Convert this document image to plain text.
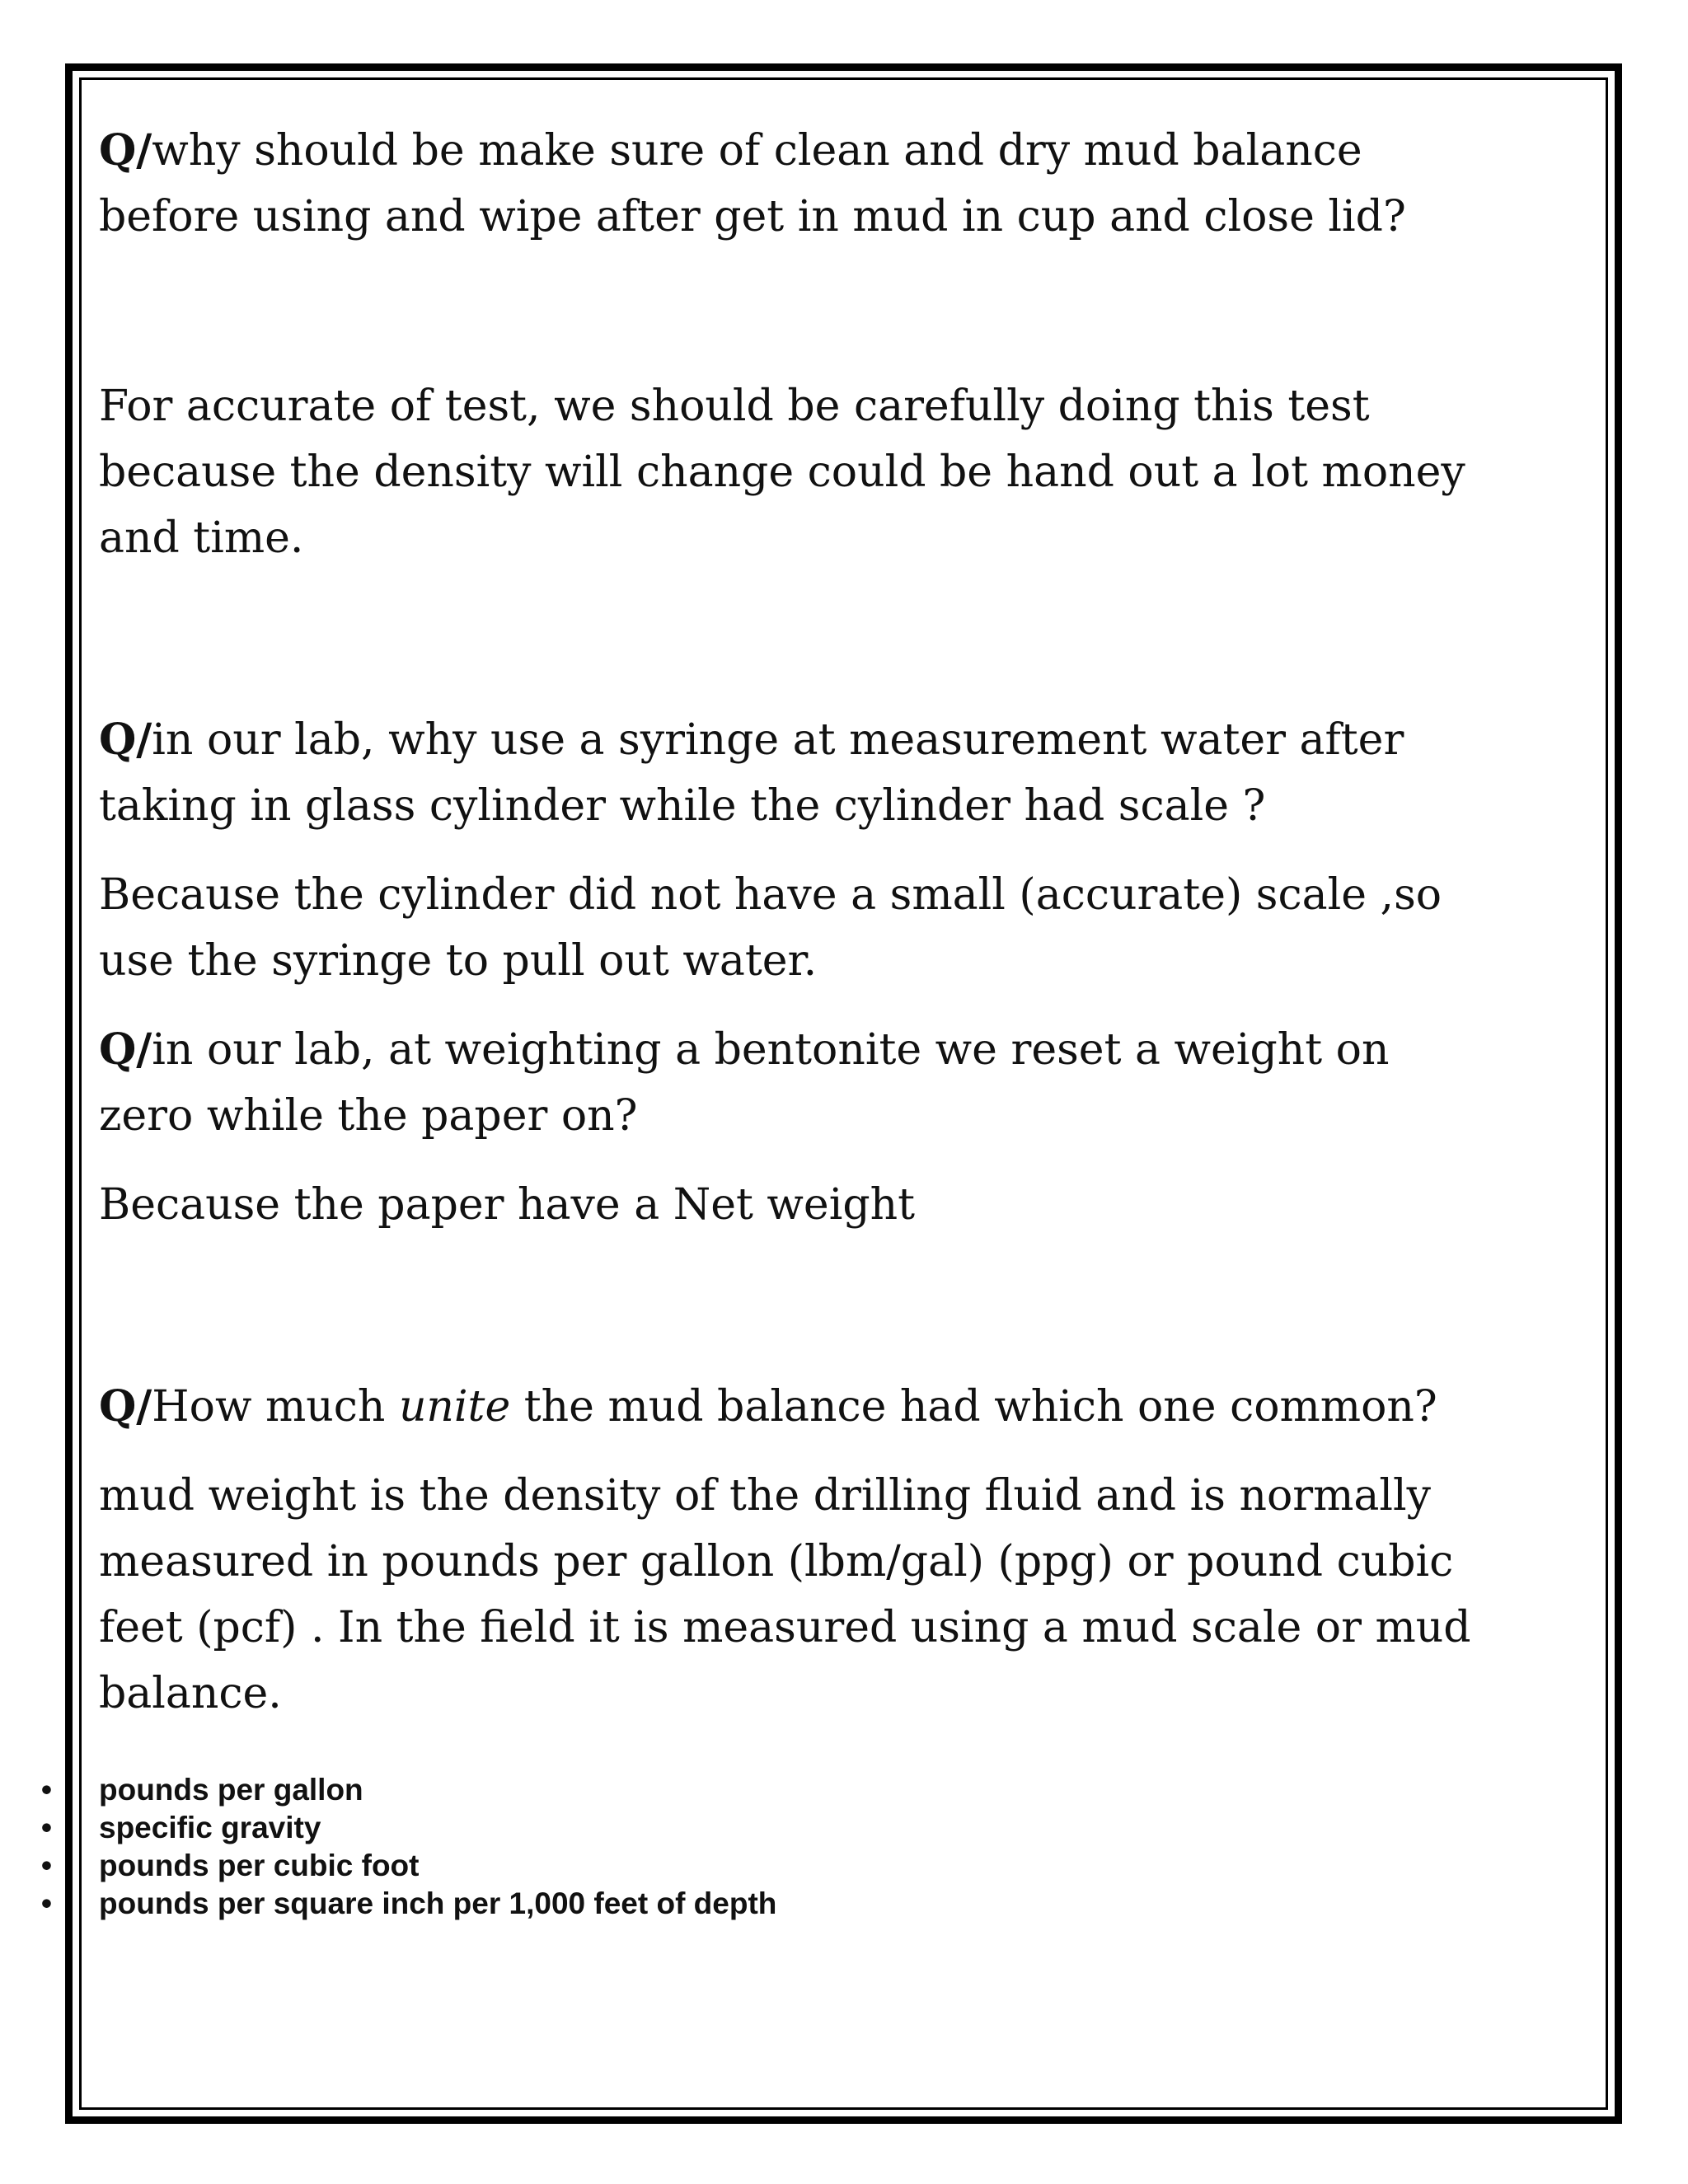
Q/why should be make sure of clean and dry mud balance
before using and wipe after get in mud in cup and close lid?

For accurate of test, we should be carefully doing this test
because the density will change could be hand out a lot money
and time.

Q/in our lab, why use a syringe at measurement water after
taking in glass cylinder while the cylinder had scale ?

Because the cylinder did not have a small (accurate) scale ,so
use the syringe to pull out water.

Q/in our lab, at weighting a bentonite we reset a weight on
zero while the paper on?

Because the paper have a Net weight

Q/How much unite the mud balance had which one common?

mud weight is the density of the drilling fluid and is normally
measured in pounds per gallon (lbm/gal) (ppg) or pound cubic
feet (pcf) . In the field it is measured using a mud scale or mud
balance.

• pounds per gallon
• specific gravity
• pounds per cubic foot
• pounds per square inch per 1,000 feet of depth
